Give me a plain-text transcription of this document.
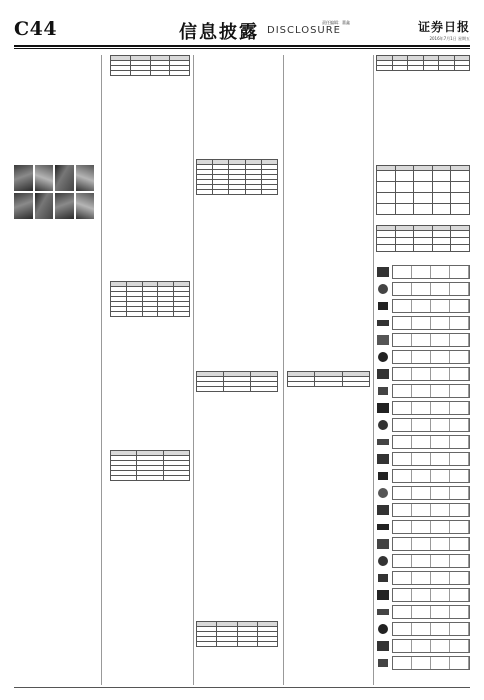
C44	信息披露 DISCLOSURE
责任编辑：董鑫	证券日报
2016年7月1日 星期五
